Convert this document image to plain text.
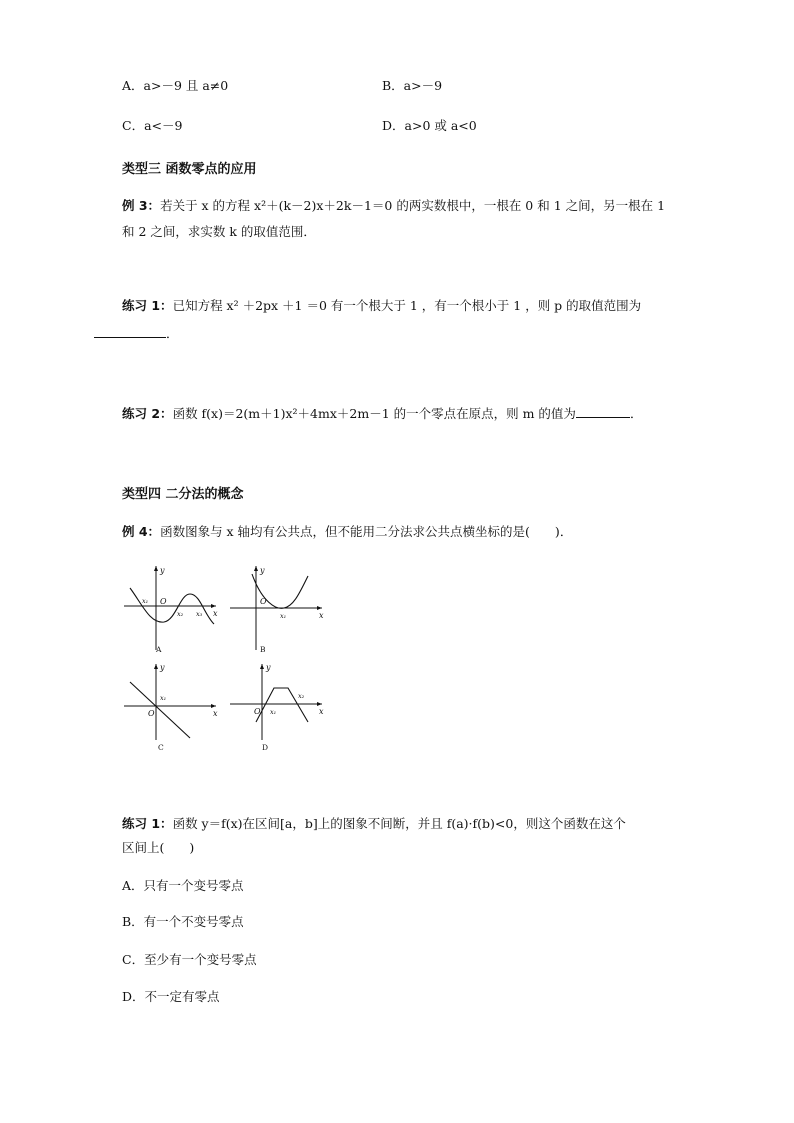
A．a>－9 且 a≠0	B．a>－9
C．a<－9	D．a>0 或 a<0
类型三 函数零点的应用
例 3：若关于 x 的方程 x²＋(k－2)x＋2k－1＝0 的两实数根中，一根在 0 和 1 之间，另一根在 1
和 2 之间，求实数 k 的取值范围．
练习 1：已知方程 x² ＋2px ＋1 ＝0 有一个根大于 1 ，有一个根小于 1 ，则 p 的取值范围为
．
练习 2：函数 f(x)＝2(m＋1)x²＋4mx＋2m－1 的一个零点在原点，则 m 的值为	．
类型四 二分法的概念
例 4：函数图象与 x 轴均有公共点，但不能用二分法求公共点横坐标的是(　　)．
y
x
O
x₁
x₂ x₃
A
y
x
O
x₁
B
y
x
O
x₁
C
y
x
O x₁
x₂
D
练习 1：函数 y＝f(x)在区间[a，b]上的图象不间断，并且 f(a)·f(b)<0，则这个函数在这个
区间上(　　)
A．只有一个变号零点
B．有一个不变号零点
C．至少有一个变号零点
D．不一定有零点
